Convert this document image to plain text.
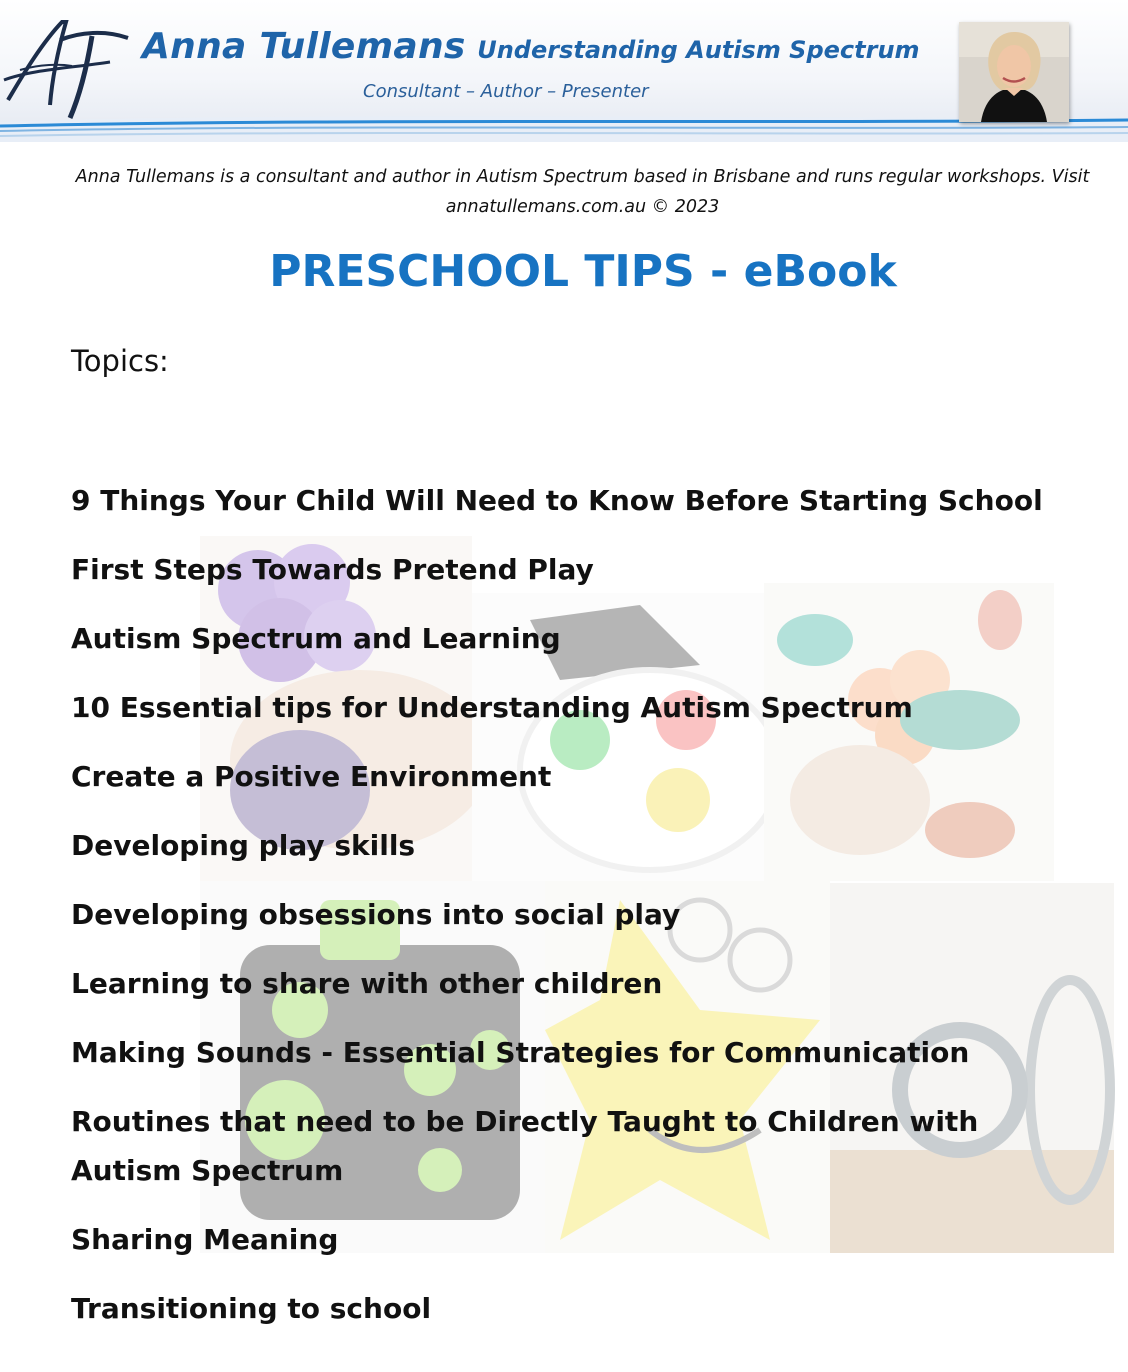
Anna Tullemans Understanding Autism Spectrum
Consultant – Author – Presenter
Anna Tullemans is a consultant and author in Autism Spectrum based in Brisbane and runs regular workshops. Visit
annatullemans.com.au © 2023
PRESCHOOL TIPS - eBook
Topics:
9 Things Your Child Will Need to Know Before Starting School
First Steps Towards Pretend Play
Autism Spectrum and Learning
10 Essential tips for Understanding Autism Spectrum
Create a Positive Environment
Developing play skills
Developing obsessions into social play
Learning to share with other children
Making Sounds - Essential Strategies for Communication
Routines that need to be Directly Taught to Children with Autism Spectrum
Sharing Meaning
Transitioning to school
